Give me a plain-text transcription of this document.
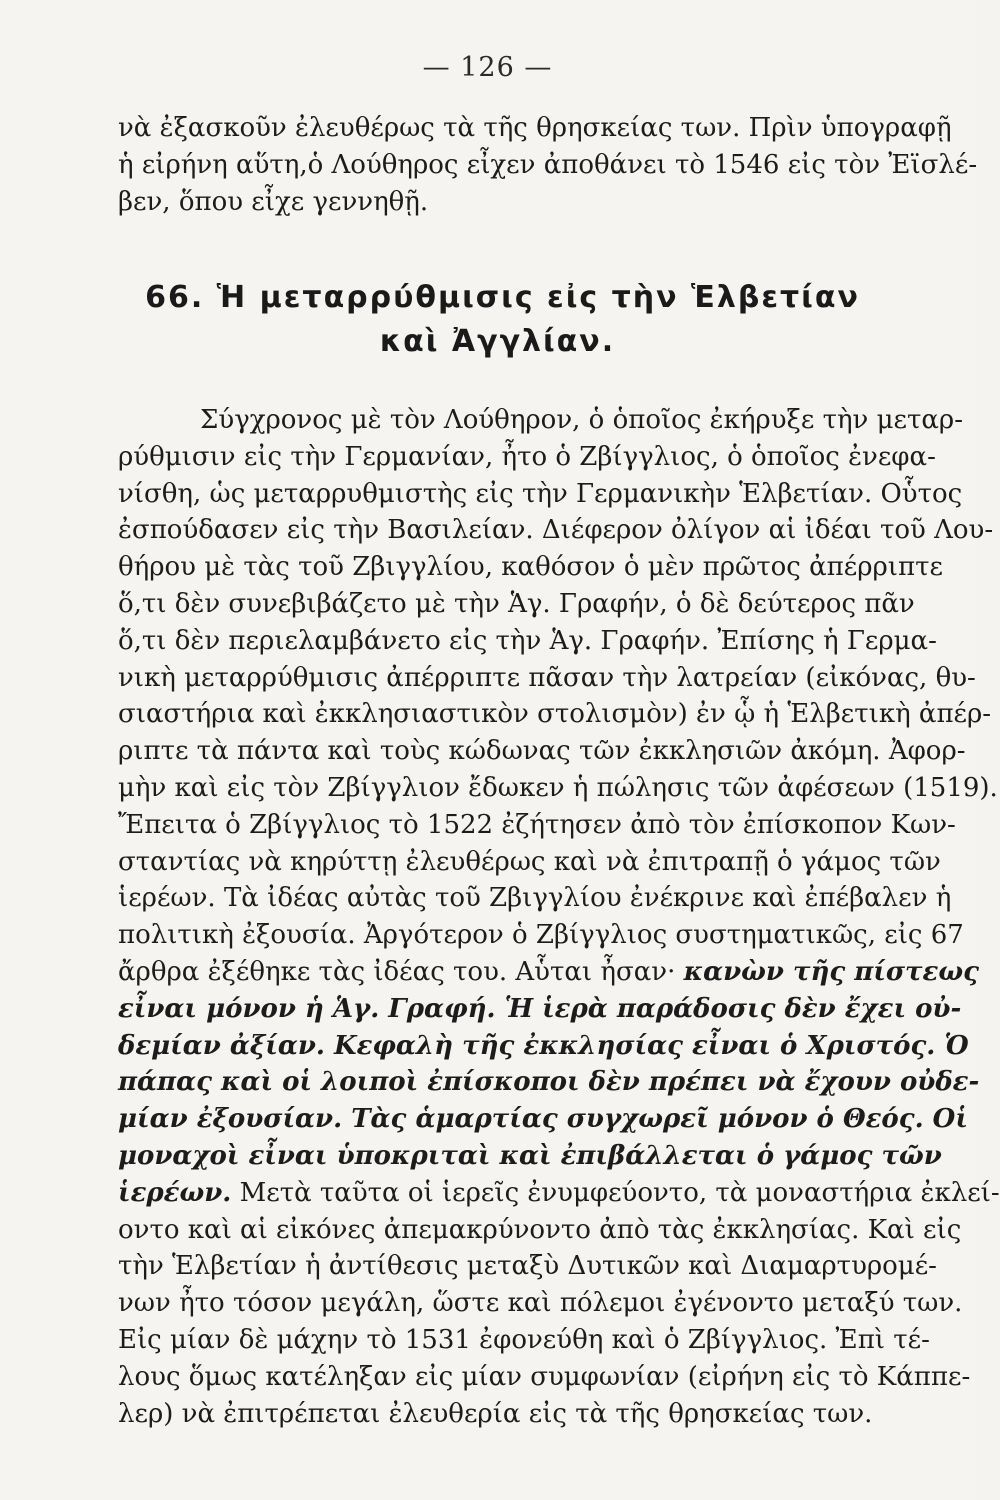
— 126 —
νὰ ἐξασκοῦν ἐλευθέρως τὰ τῆς θρησκείας των. Πρὶν ὑπογραφῇ
ἡ εἰρήνη αὕτη,ὁ Λούθηρος εἶχεν ἀποθάνει τὸ 1546 εἰς τὸν Ἐϊσλέ-
βεν, ὅπου εἶχε γεννηθῇ.
66. Ἡ μεταρρύθμισις εἰς τὴν Ἑλβετίαν
καὶ Ἀγγλίαν.
Σύγχρονος μὲ τὸν Λούθηρον, ὁ ὁποῖος ἐκήρυξε τὴν μεταρ-
ρύθμισιν εἰς τὴν Γερμανίαν, ἦτο ὁ Ζβίγγλιος, ὁ ὁποῖος ἐνεφα-
νίσθη, ὡς μεταρρυθμιστὴς εἰς τὴν Γερμανικὴν Ἑλβετίαν. Οὗτος
ἐσπούδασεν εἰς τὴν Βασιλείαν. Διέφερον ὀλίγον αἱ ἰδέαι τοῦ Λου-
θήρου μὲ τὰς τοῦ Ζβιγγλίου, καθόσον ὁ μὲν πρῶτος ἀπέρριπτε
ὅ,τι δὲν συνεβιβάζετο μὲ τὴν Ἁγ. Γραφήν, ὁ δὲ δεύτερος πᾶν
ὅ,τι δὲν περιελαμβάνετο εἰς τὴν Ἁγ. Γραφήν. Ἐπίσης ἡ Γερμα-
νικὴ μεταρρύθμισις ἀπέρριπτε πᾶσαν τὴν λατρείαν (εἰκόνας, θυ-
σιαστήρια καὶ ἐκκλησιαστικὸν στολισμὸν) ἐν ᾧ ἡ Ἑλβετικὴ ἀπέρ-
ριπτε τὰ πάντα καὶ τοὺς κώδωνας τῶν ἐκκλησιῶν ἀκόμη. Ἀφορ-
μὴν καὶ εἰς τὸν Ζβίγγλιον ἔδωκεν ἡ πώλησις τῶν ἀφέσεων (1519).
Ἔπειτα ὁ Ζβίγγλιος τὸ 1522 ἐζήτησεν ἀπὸ τὸν ἐπίσκοπον Κων-
σταντίας νὰ κηρύττῃ ἐλευθέρως καὶ νὰ ἐπιτραπῇ ὁ γάμος τῶν
ἱερέων. Τὰ ἰδέας αὐτὰς τοῦ Ζβιγγλίου ἐνέκρινε καὶ ἐπέβαλεν ἡ
πολιτικὴ ἐξουσία. Ἀργότερον ὁ Ζβίγγλιος συστηματικῶς, εἰς 67
ἄρθρα ἐξέθηκε τὰς ἰδέας του. Αὗται ἦσαν· κανὼν τῆς πίστεως
εἶναι μόνον ἡ Ἁγ. Γραφή. Ἡ ἱερὰ παράδοσις δὲν ἔχει οὐ-
δεμίαν ἀξίαν. Κεφαλὴ τῆς ἐκκλησίας εἶναι ὁ Χριστός. Ὁ
πάπας καὶ οἱ λοιποὶ ἐπίσκοποι δὲν πρέπει νὰ ἔχουν οὐδε-
μίαν ἐξουσίαν. Τὰς ἁμαρτίας συγχωρεῖ μόνον ὁ Θεός. Οἱ
μοναχοὶ εἶναι ὑποκριταὶ καὶ ἐπιβάλλεται ὁ γάμος τῶν
ἱερέων. Μετὰ ταῦτα οἱ ἱερεῖς ἐνυμφεύοντο, τὰ μοναστήρια ἐκλεί-
οντο καὶ αἱ εἰκόνες ἀπεμακρύνοντο ἀπὸ τὰς ἐκκλησίας. Καὶ εἰς
τὴν Ἑλβετίαν ἡ ἀντίθεσις μεταξὺ Δυτικῶν καὶ Διαμαρτυρομέ-
νων ἦτο τόσον μεγάλη, ὥστε καὶ πόλεμοι ἐγένοντο μεταξύ των.
Εἰς μίαν δὲ μάχην τὸ 1531 ἐφονεύθη καὶ ὁ Ζβίγγλιος. Ἐπὶ τέ-
λους ὅμως κατέληξαν εἰς μίαν συμφωνίαν (εἰρήνη εἰς τὸ Κάππε-
λερ) νὰ ἐπιτρέπεται ἐλευθερία εἰς τὰ τῆς θρησκείας των.
